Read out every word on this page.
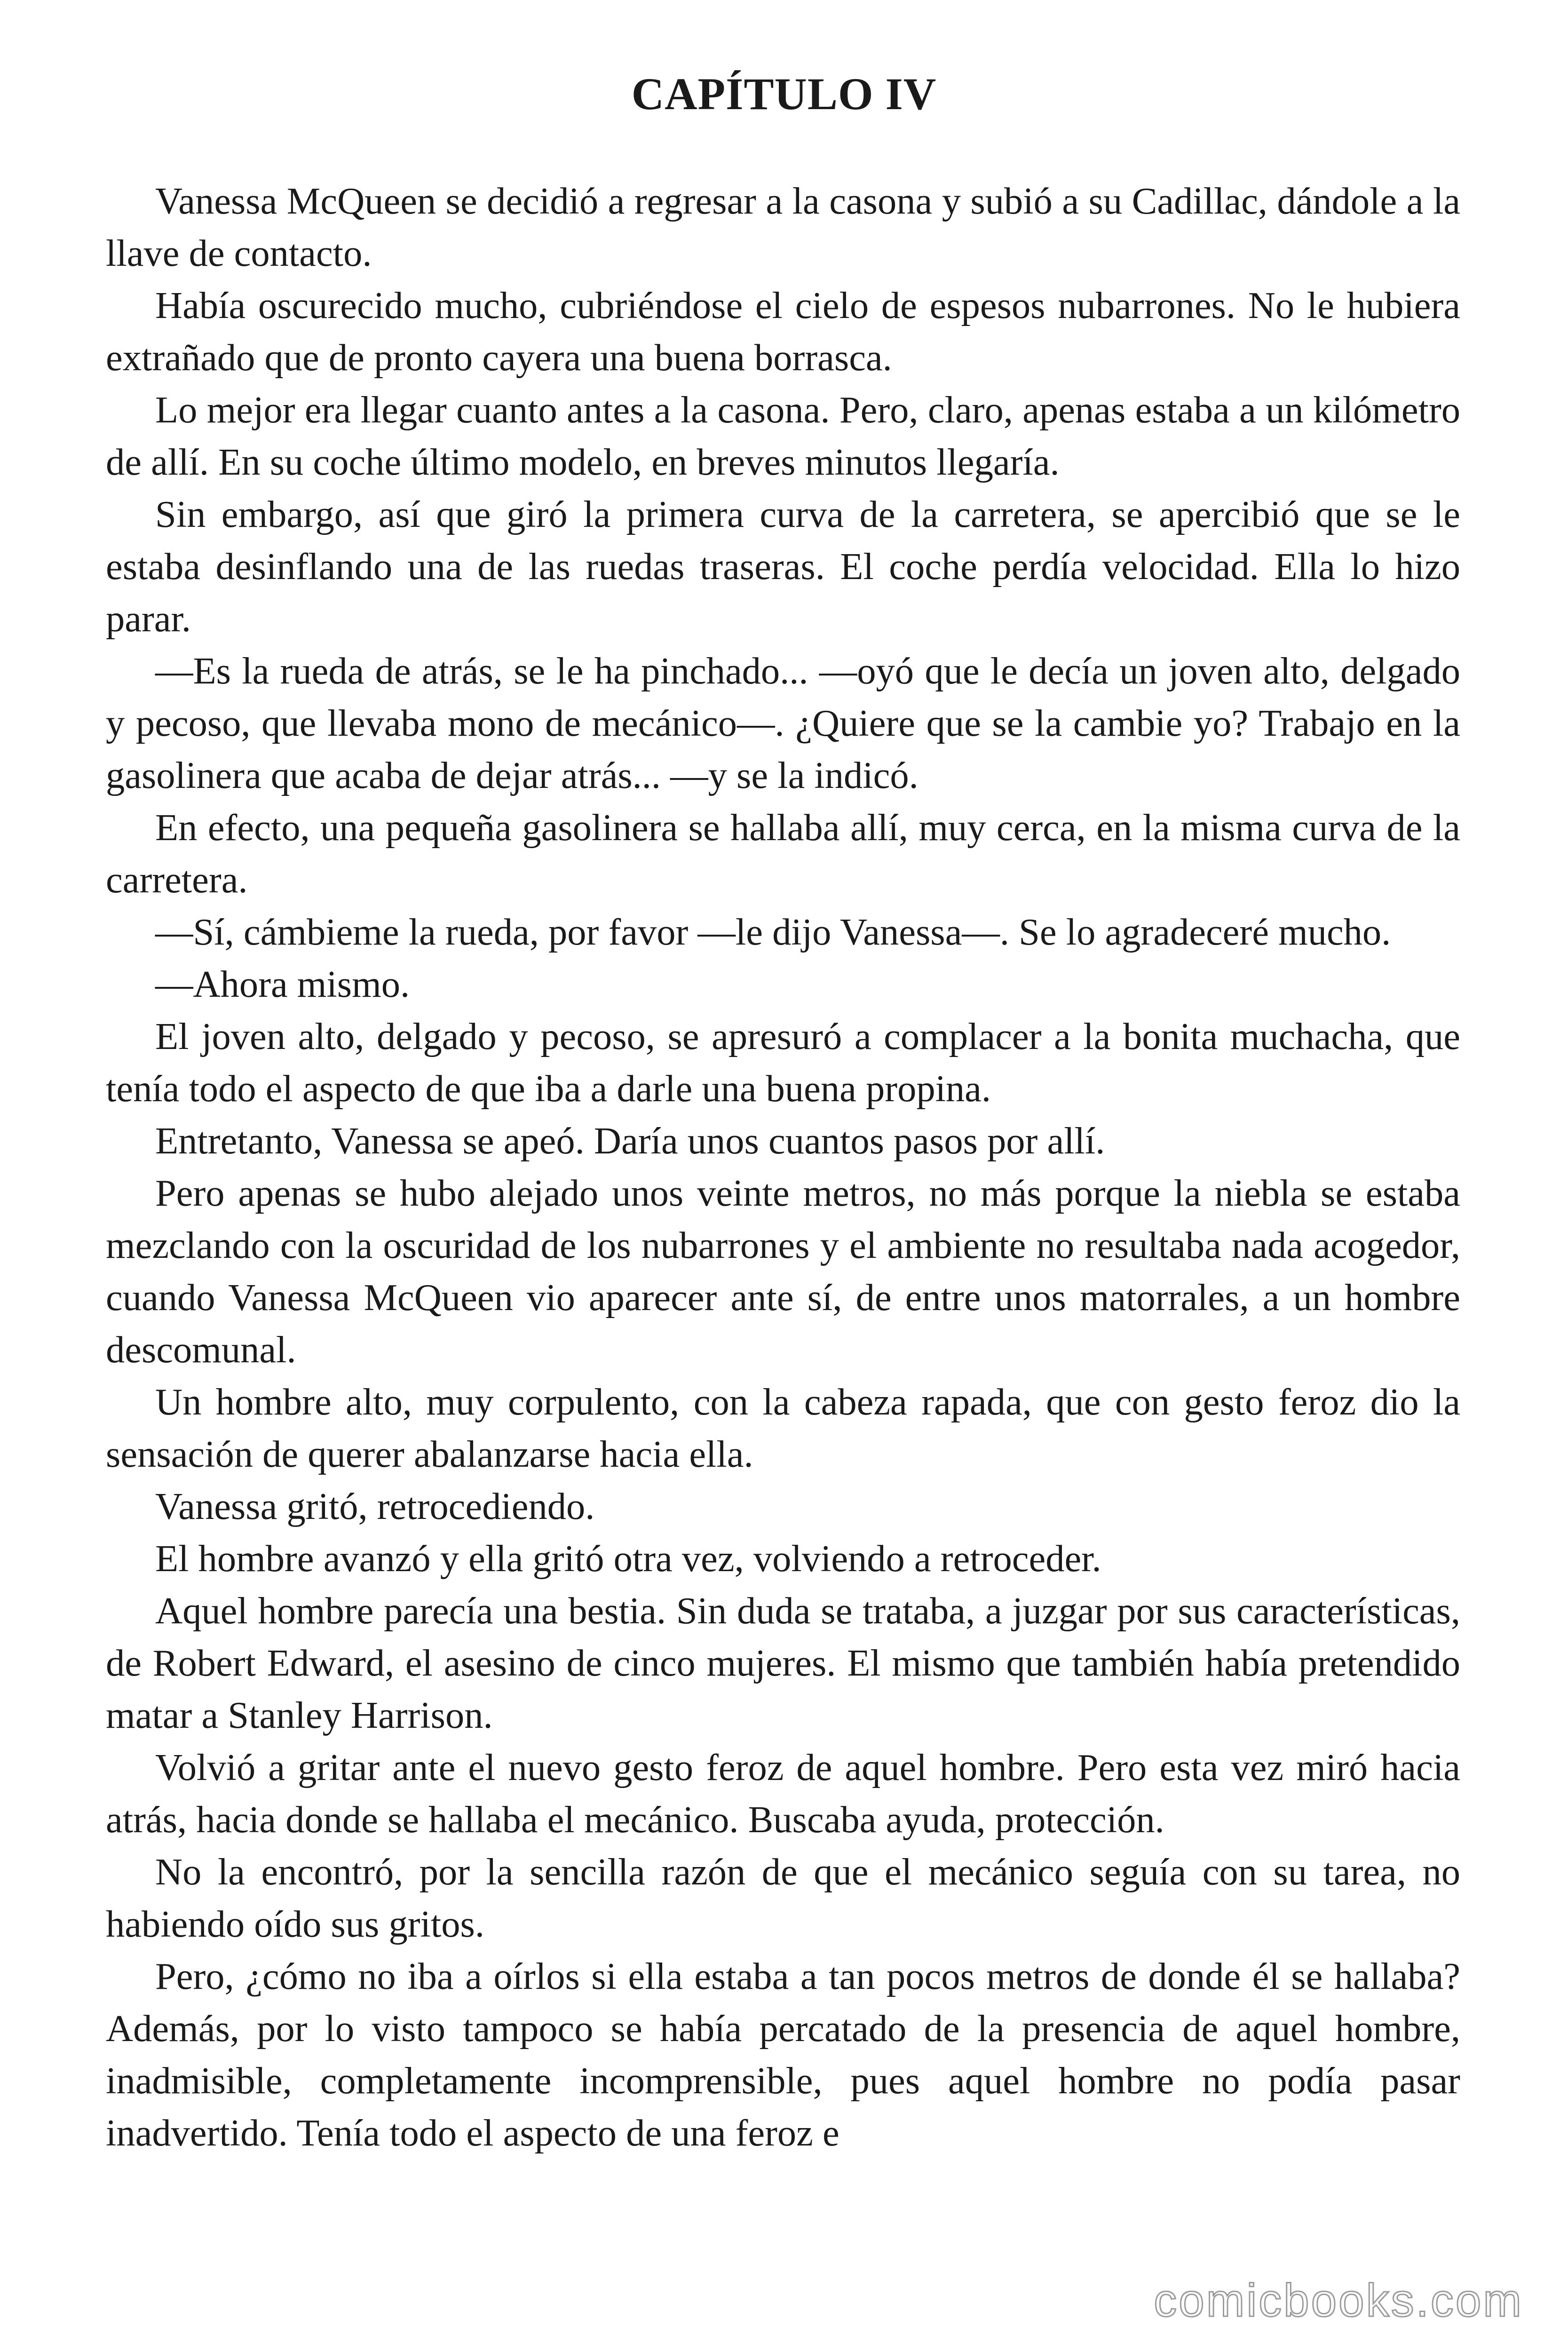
CAPÍTULO IV

Vanessa McQueen se decidió a regresar a la casona y subió a su Cadillac, dándole a la llave de contacto.

Había oscurecido mucho, cubriéndose el cielo de espesos nubarrones. No le hubiera extrañado que de pronto cayera una buena borrasca.

Lo mejor era llegar cuanto antes a la casona. Pero, claro, apenas estaba a un kilómetro de allí. En su coche último modelo, en breves minutos llegaría.

Sin embargo, así que giró la primera curva de la carretera, se apercibió que se le estaba desinflando una de las ruedas traseras. El coche perdía velocidad. Ella lo hizo parar.

—Es la rueda de atrás, se le ha pinchado... —oyó que le decía un joven alto, delgado y pecoso, que llevaba mono de mecánico—. ¿Quiere que se la cambie yo? Trabajo en la gasolinera que acaba de dejar atrás... —y se la indicó.

En efecto, una pequeña gasolinera se hallaba allí, muy cerca, en la misma curva de la carretera.

—Sí, cámbieme la rueda, por favor —le dijo Vanessa—. Se lo agradeceré mucho.

—Ahora mismo.

El joven alto, delgado y pecoso, se apresuró a complacer a la bonita muchacha, que tenía todo el aspecto de que iba a darle una buena propina.

Entretanto, Vanessa se apeó. Daría unos cuantos pasos por allí.

Pero apenas se hubo alejado unos veinte metros, no más porque la niebla se estaba mezclando con la oscuridad de los nubarrones y el ambiente no resultaba nada acogedor, cuando Vanessa McQueen vio aparecer ante sí, de entre unos matorrales, a un hombre descomunal.

Un hombre alto, muy corpulento, con la cabeza rapada, que con gesto feroz dio la sensación de querer abalanzarse hacia ella.

Vanessa gritó, retrocediendo.

El hombre avanzó y ella gritó otra vez, volviendo a retroceder.

Aquel hombre parecía una bestia. Sin duda se trataba, a juzgar por sus características, de Robert Edward, el asesino de cinco mujeres. El mismo que también había pretendido matar a Stanley Harrison.

Volvió a gritar ante el nuevo gesto feroz de aquel hombre. Pero esta vez miró hacia atrás, hacia donde se hallaba el mecánico. Buscaba ayuda, protección.

No la encontró, por la sencilla razón de que el mecánico seguía con su tarea, no habiendo oído sus gritos.

Pero, ¿cómo no iba a oírlos si ella estaba a tan pocos metros de donde él se hallaba? Además, por lo visto tampoco se había percatado de la presencia de aquel hombre, inadmisible, completamente incomprensible, pues aquel hombre no podía pasar inadvertido. Tenía todo el aspecto de una feroz e

comicbooks.com
